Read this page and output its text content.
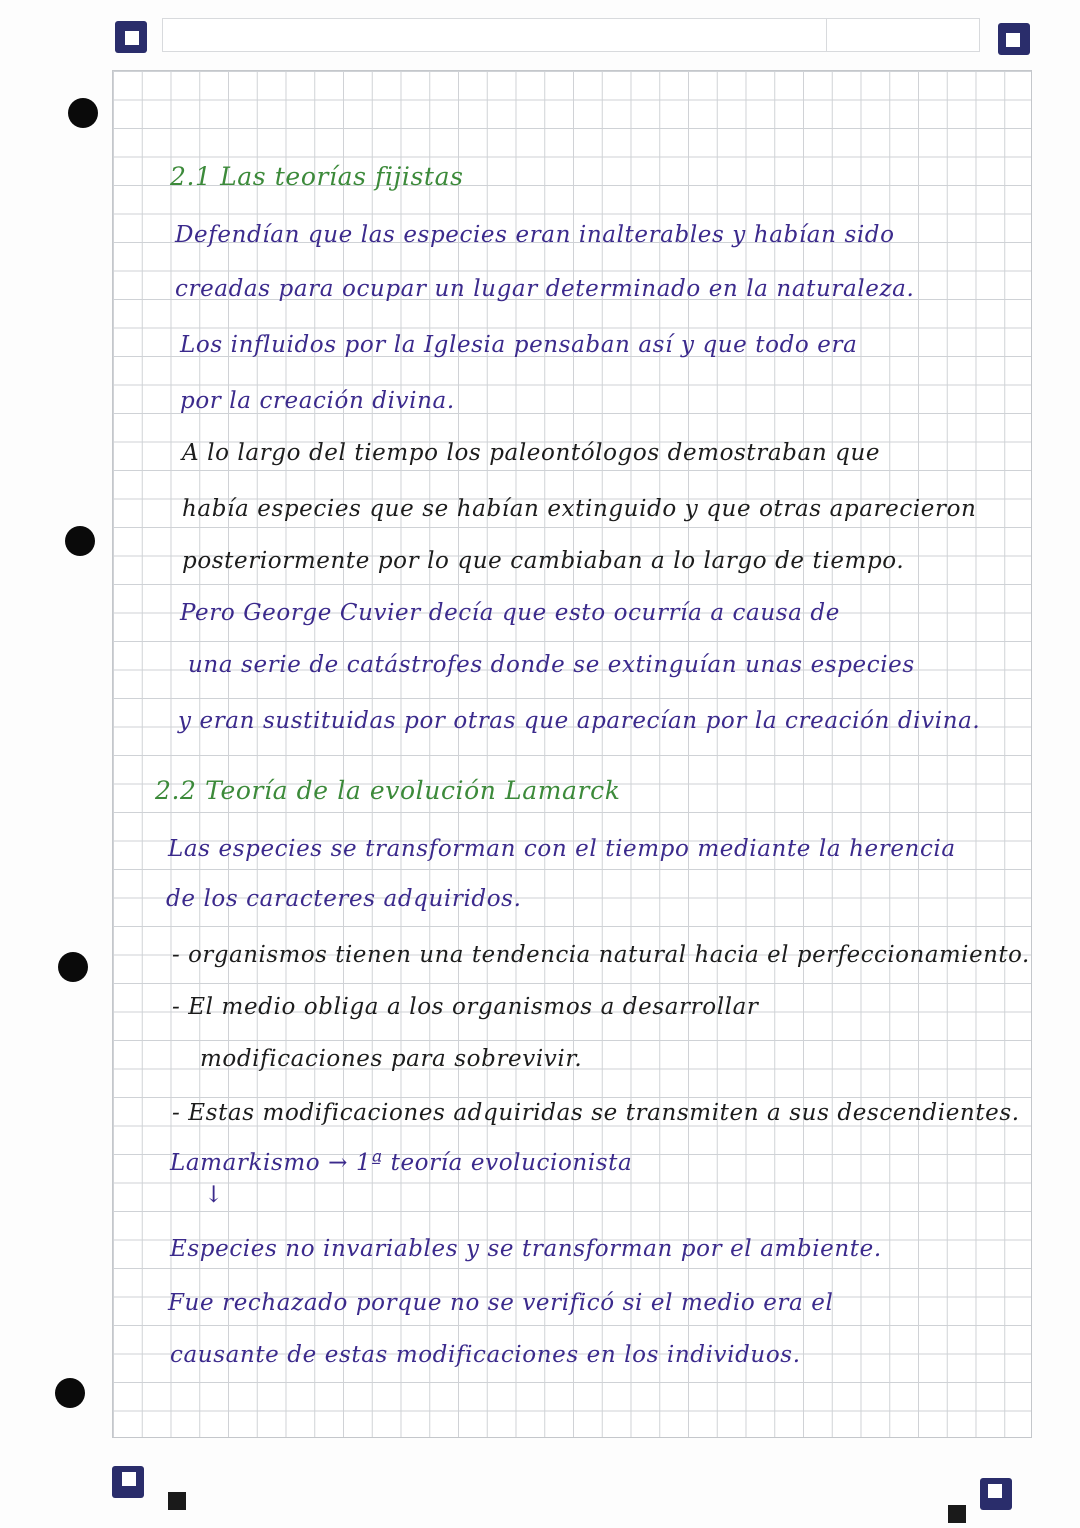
2.1 Las teorías fijistas
Defendían que las especies eran inalterables y habían sido
creadas para ocupar un lugar determinado en la naturaleza.
Los influidos por la Iglesia pensaban así y que todo era
por la creación divina.
A lo largo del tiempo los paleontólogos demostraban que
había especies que se habían extinguido y que otras aparecieron
posteriormente por lo que cambiaban a lo largo de tiempo.
Pero George Cuvier decía que esto ocurría a causa de
una serie de catástrofes donde se extinguían unas especies
y eran sustituidas por otras que aparecían por la creación divina.
2.2 Teoría de la evolución Lamarck
Las especies se transforman con el tiempo mediante la herencia
de los caracteres adquiridos.
- organismos tienen una tendencia natural hacia el perfeccionamiento.
- El medio obliga a los organismos a desarrollar
modificaciones para sobrevivir.
- Estas modificaciones adquiridas se transmiten a sus descendientes.
Lamarkismo → 1ª teoría evolucionista
↓
Especies no invariables y se transforman por el ambiente.
Fue rechazado porque no se verificó si el medio era el
causante de estas modificaciones en los individuos.
